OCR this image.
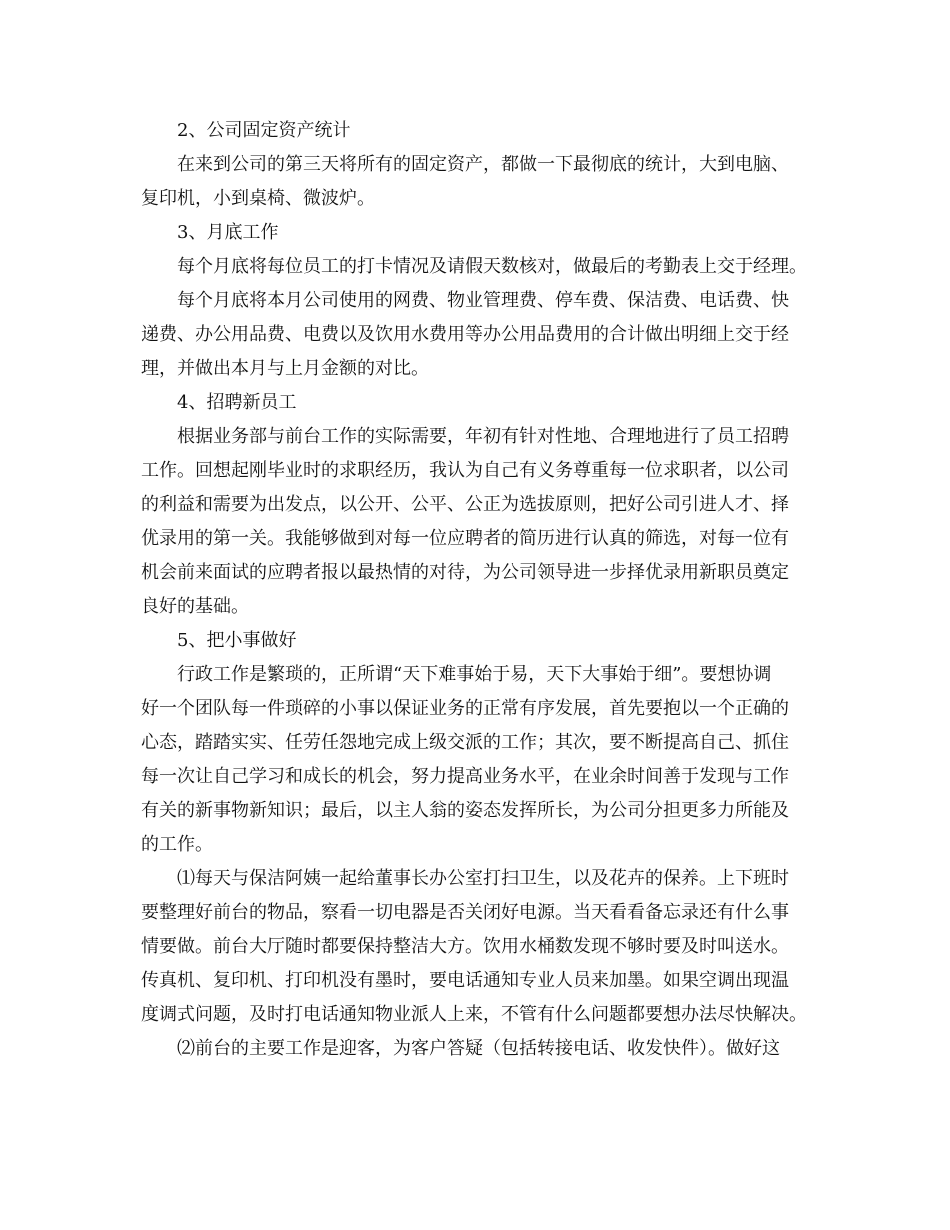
2、公司固定资产统计
在来到公司的第三天将所有的固定资产，都做一下最彻底的统计，大到电脑、
复印机，小到桌椅、微波炉。
3、月底工作
每个月底将每位员工的打卡情况及请假天数核对，做最后的考勤表上交于经理。
每个月底将本月公司使用的网费、物业管理费、停车费、保洁费、电话费、快
递费、办公用品费、电费以及饮用水费用等办公用品费用的合计做出明细上交于经
理，并做出本月与上月金额的对比。
4、招聘新员工
根据业务部与前台工作的实际需要，年初有针对性地、合理地进行了员工招聘
工作。回想起刚毕业时的求职经历，我认为自己有义务尊重每一位求职者，以公司
的利益和需要为出发点，以公开、公平、公正为选拔原则，把好公司引进人才、择
优录用的第一关。我能够做到对每一位应聘者的简历进行认真的筛选，对每一位有
机会前来面试的应聘者报以最热情的对待，为公司领导进一步择优录用新职员奠定
良好的基础。
5、把小事做好
行政工作是繁琐的，正所谓“天下难事始于易，天下大事始于细”。要想协调
好一个团队每一件琐碎的小事以保证业务的正常有序发展，首先要抱以一个正确的
心态，踏踏实实、任劳任怨地完成上级交派的工作；其次，要不断提高自己、抓住
每一次让自己学习和成长的机会，努力提高业务水平，在业余时间善于发现与工作
有关的新事物新知识；最后，以主人翁的姿态发挥所长，为公司分担更多力所能及
的工作。
⑴每天与保洁阿姨一起给董事长办公室打扫卫生，以及花卉的保养。上下班时
要整理好前台的物品，察看一切电器是否关闭好电源。当天看看备忘录还有什么事
情要做。前台大厅随时都要保持整洁大方。饮用水桶数发现不够时要及时叫送水。
传真机、复印机、打印机没有墨时，要电话通知专业人员来加墨。如果空调出现温
度调式问题，及时打电话通知物业派人上来，不管有什么问题都要想办法尽快解决。
⑵前台的主要工作是迎客，为客户答疑（包括转接电话、收发快件）。做好这
